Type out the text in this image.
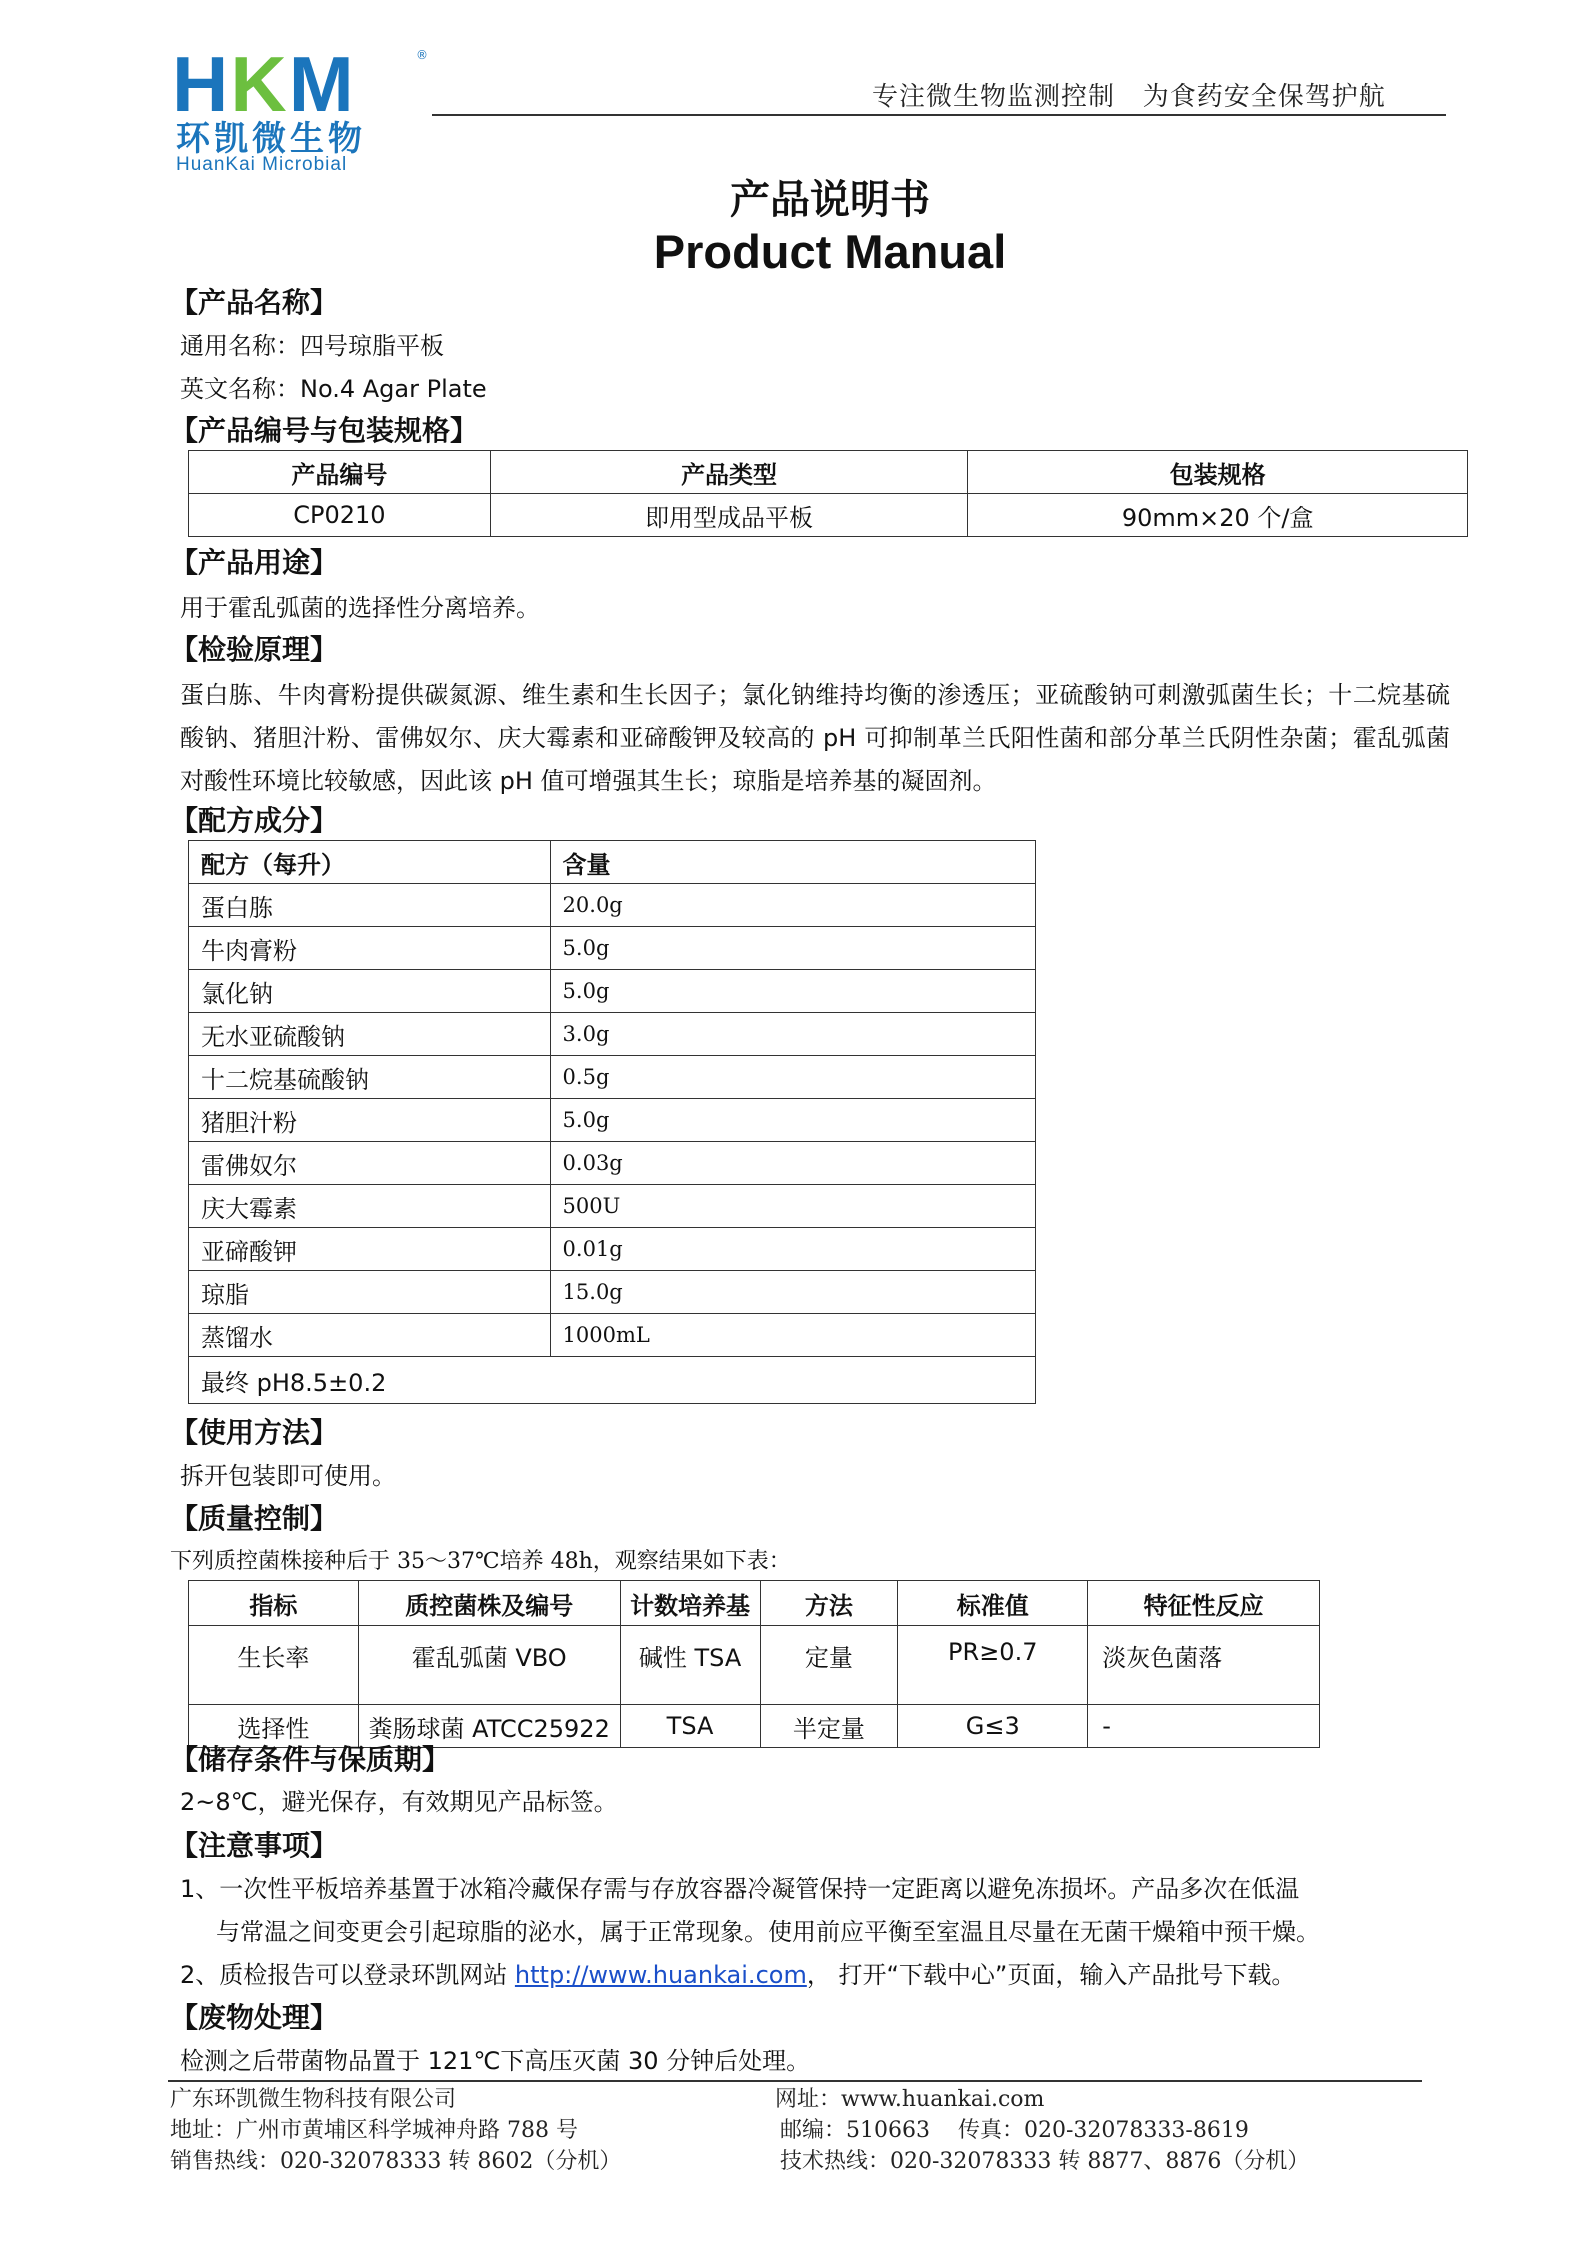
HKM	®
环凯微生物
HuanKai Microbial
专注微生物监测控制   为食药安全保驾护航
产品说明书
Product Manual
【产品名称】
通用名称：四号琼脂平板
英文名称：No.4 Agar Plate
【产品编号与包装规格】
产品编号	产品类型	包装规格
CP0210	即用型成品平板	90mm×20 个/盒
【产品用途】
用于霍乱弧菌的选择性分离培养。
【检验原理】
蛋白胨、牛肉膏粉提供碳氮源、维生素和生长因子；氯化钠维持均衡的渗透压；亚硫酸钠可刺激弧菌生长；十二烷基硫酸钠、猪胆汁粉、雷佛奴尔、庆大霉素和亚碲酸钾及较高的 pH 可抑制革兰氏阳性菌和部分革兰氏阴性杂菌；霍乱弧菌对酸性环境比较敏感，因此该 pH 值可增强其生长；琼脂是培养基的凝固剂。
【配方成分】
配方（每升）	含量
蛋白胨	20.0g
牛肉膏粉	5.0g
氯化钠	5.0g
无水亚硫酸钠	3.0g
十二烷基硫酸钠	0.5g
猪胆汁粉	5.0g
雷佛奴尔	0.03g
庆大霉素	500U
亚碲酸钾	0.01g
琼脂	15.0g
蒸馏水	1000mL
最终 pH8.5±0.2	
【使用方法】
拆开包装即可使用。
【质量控制】
下列质控菌株接种后于 35～37℃培养 48h，观察结果如下表：
指标	质控菌株及编号	计数培养基	方法	标准值	特征性反应
生长率	霍乱弧菌 VBO	碱性 TSA	定量	PR≥0.7	淡灰色菌落
选择性	粪肠球菌 ATCC25922	TSA	半定量	G≤3	-
【储存条件与保质期】
2~8℃，避光保存，有效期见产品标签。
【注意事项】
1、一次性平板培养基置于冰箱冷藏保存需与存放容器冷凝管保持一定距离以避免冻损坏。产品多次在低温
与常温之间变更会引起琼脂的泌水，属于正常现象。使用前应平衡至室温且尽量在无菌干燥箱中预干燥。
2、质检报告可以登录环凯网站 http://www.huankai.com， 打开“下载中心”页面，输入产品批号下载。
【废物处理】
检测之后带菌物品置于 121℃下高压灭菌 30 分钟后处理。
广东环凯微生物科技有限公司
地址：广州市黄埔区科学城神舟路 788 号
销售热线：020-32078333 转 8602（分机）
网址：www.huankai.com
邮编：510663 传真：020-32078333-8619
技术热线：020-32078333 转 8877、8876（分机）
